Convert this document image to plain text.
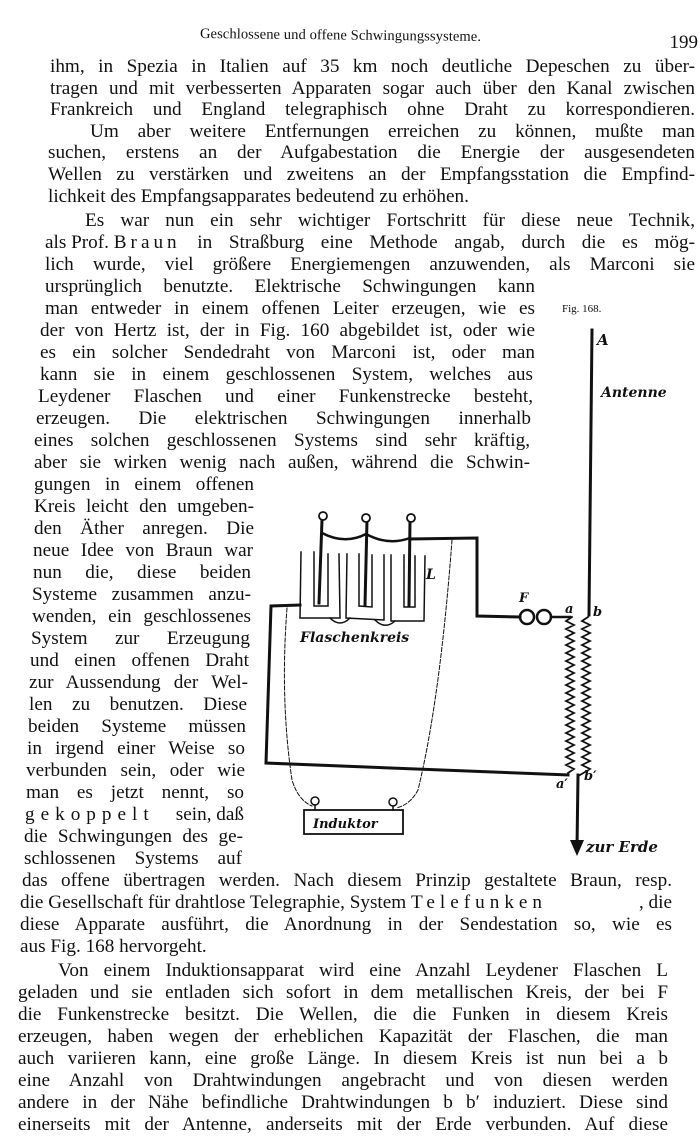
Geschlossene und offene Schwingungssysteme.	199
ihm, in Spezia in Italien auf 35 km noch deutliche Depeschen zu über-
tragen und mit verbesserten Apparaten sogar auch über den Kanal zwischen
Frankreich und England telegraphisch ohne Draht zu korrespondieren.
Um aber weitere Entfernungen erreichen zu können, mußte man
suchen, erstens an der Aufgabestation die Energie der ausgesendeten
Wellen zu verstärken und zweitens an der Empfangsstation die Empfind-
lichkeit des Empfangsapparates bedeutend zu erhöhen.
Es war nun ein sehr wichtiger Fortschritt für diese neue Technik,
als Prof. Braun in Straßburg eine Methode angab, durch die es mög-
lich wurde, viel größere Energiemengen anzuwenden, als Marconi sie
ursprünglich benutzte. Elektrische Schwingungen kann
man entweder in einem offenen Leiter erzeugen, wie es
der von Hertz ist, der in Fig. 160 abgebildet ist, oder wie
es ein solcher Sendedraht von Marconi ist, oder man
kann sie in einem geschlossenen System, welches aus
Leydener Flaschen und einer Funkenstrecke besteht,
erzeugen. Die elektrischen Schwingungen innerhalb
eines solchen geschlossenen Systems sind sehr kräftig,
aber sie wirken wenig nach außen, während die Schwin-
gungen in einem offenen
Kreis leicht den umgeben-
den Äther anregen. Die
neue Idee von Braun war
nun die, diese beiden
Systeme zusammen anzu-
wenden, ein geschlossenes
System zur Erzeugung
und einen offenen Draht
zur Aussendung der Wel-
len zu benutzen. Diese
beiden Systeme müssen
in irgend einer Weise so
verbunden sein, oder wie
man es jetzt nennt, so
gekoppelt sein, daß
die Schwingungen des ge-
schlossenen Systems auf
das offene übertragen werden. Nach diesem Prinzip gestaltete Braun, resp.
die Gesellschaft für drahtlose Telegraphie, System Telefunken	, die
diese Apparate ausführt, die Anordnung in der Sendestation so, wie es
aus Fig. 168 hervorgeht.
Von einem Induktionsapparat wird eine Anzahl Leydener Flaschen L
geladen und sie entladen sich sofort in dem metallischen Kreis, der bei F
die Funkenstrecke besitzt. Die Wellen, die die Funken in diesem Kreis
erzeugen, haben wegen der erheblichen Kapazität der Flaschen, die man
auch variieren kann, eine große Länge. In diesem Kreis ist nun bei a b
eine Anzahl von Drahtwindungen angebracht und von diesen werden
andere in der Nähe befindliche Drahtwindungen b b′ induziert. Diese sind
einerseits mit der Antenne, anderseits mit der Erde verbunden. Auf diese
Fig. 168.
A
Antenne
L
Flaschenkreis
F
a b
a′
b′
zur Erde
Induktor
